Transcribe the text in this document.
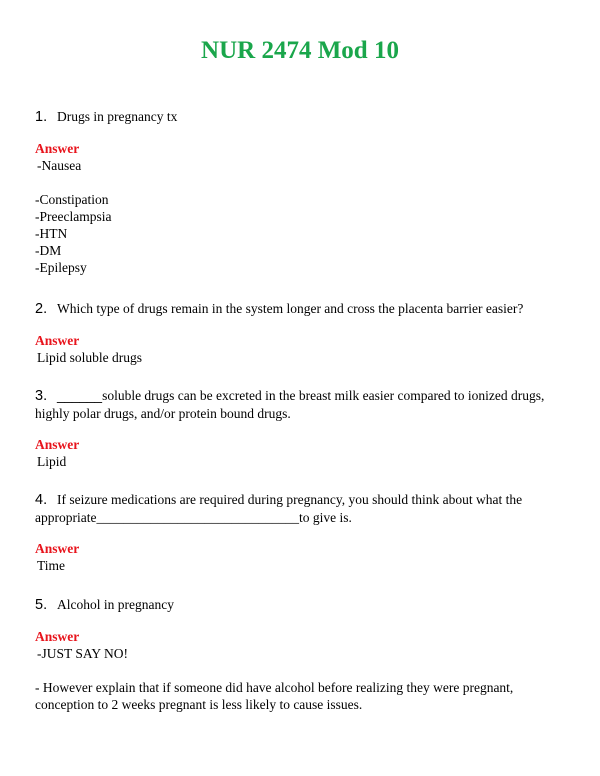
NUR 2474 Mod 10
1. Drugs in pregnancy tx
Answer
-Nausea
-Constipation
-Preeclampsia
-HTN
-DM
-Epilepsy
2. Which type of drugs remain in the system longer and cross the placenta barrier easier?
Answer
Lipid soluble drugs
3. ______soluble drugs can be excreted in the breast milk easier compared to ionized drugs,
highly polar drugs, and/or protein bound drugs.
Answer
Lipid
4. If seizure medications are required during pregnancy, you should think about what the
appropriate______________________________to give is.
Answer
Time
5. Alcohol in pregnancy
Answer
-JUST SAY NO!
- However explain that if someone did have alcohol before realizing they were pregnant,
conception to 2 weeks pregnant is less likely to cause issues.
